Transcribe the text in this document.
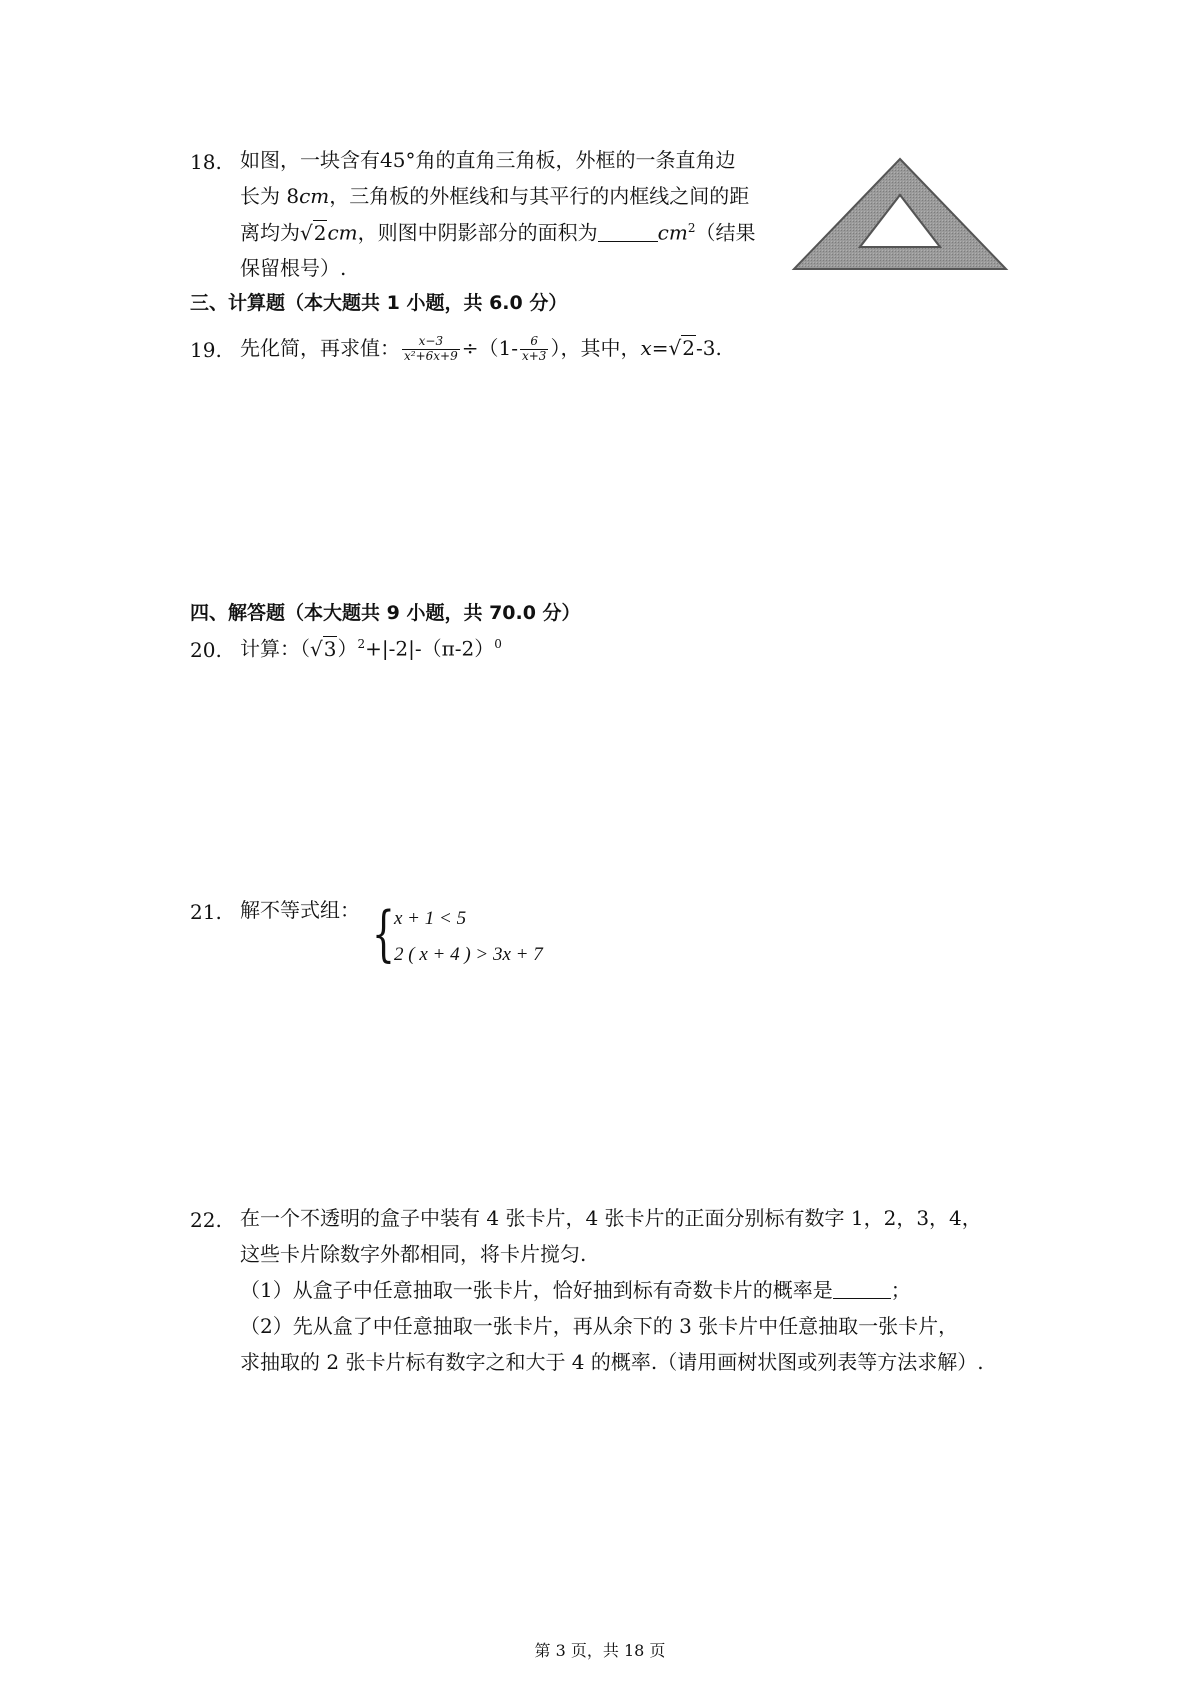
18. 如图，一块含有45°角的直角三角板，外框的一条直角边
长为 8cm，三角板的外框线和与其平行的内框线之间的距
离均为√2cm，则图中阴影部分的面积为	$cm^2$（结果
保留根号）.
三、计算题（本大题共 1 小题，共 6.0 分）
19. 先化简，再求值： $\frac{x-3}{\text{x²+6x+9}} \div(1- \frac{6}{x+3}$ ），其中，x=√2-3.
四、解答题（本大题共 9 小题，共 70.0 分）
20. 计算：$(√3)^2+|-2|-(\pi-2)^0$
21. 解不等式组： { x + 1 < 5
2 ( x + 4 ) > 3x + 7
22. 在一个不透明的盒子中装有 4 张卡片，4 张卡片的正面分别标有数字 1，2，3，4，
这些卡片除数字外都相同，将卡片搅匀.
（1）从盒子中任意抽取一张卡片，恰好抽到标有奇数卡片的概率是	；
（2）先从盒了中任意抽取一张卡片，再从余下的 3 张卡片中任意抽取一张卡片，
求抽取的 2 张卡片标有数字之和大于 4 的概率.（请用画树状图或列表等方法求解）.
第 3 页，共 18 页
